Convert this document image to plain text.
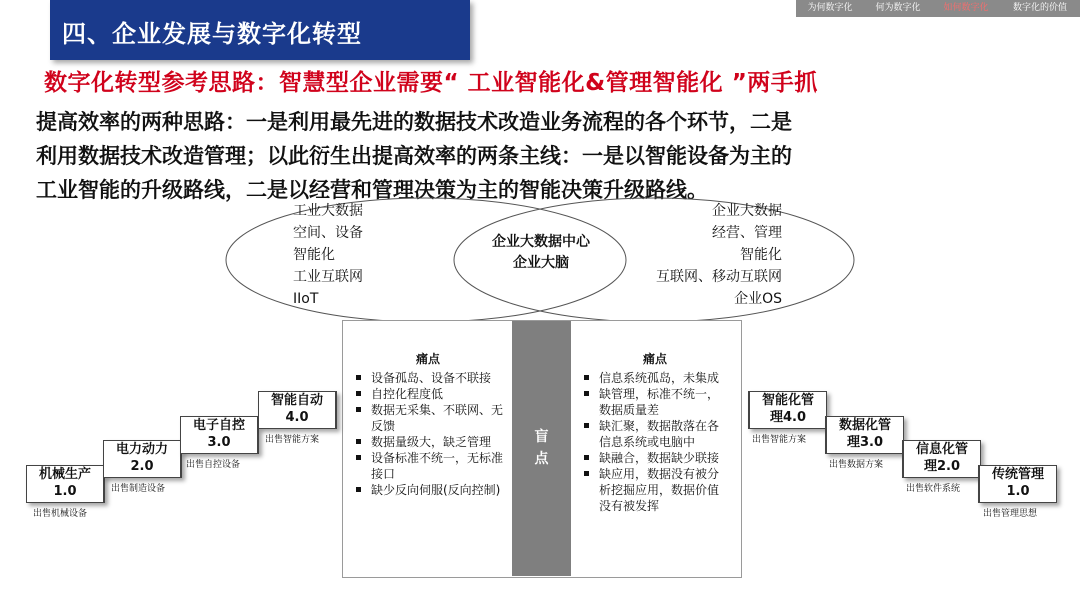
四、企业发展与数字化转型
为何数字化	何为数字化	如何数字化	数字化的价值
数字化转型参考思路：智慧型企业需要“ 工业智能化&管理智能化 ”两手抓
提高效率的两种思路：一是利用最先进的数据技术改造业务流程的各个环节，二是
利用数据技术改造管理；以此衍生出提高效率的两条主线：一是以智能设备为主的
工业智能的升级路线，二是以经营和管理决策为主的智能决策升级路线。
工业大数据
空间、设备
智能化
工业互联网
IIoT
企业大数据中心
企业大脑
企业大数据
经营、管理
智能化
互联网、移动互联网
企业OS
盲
点
痛点
设备孤岛、设备不联接
自控化程度低
数据无采集、不联网、无反馈
数据量级大，缺乏管理
设备标准不统一，无标准接口
缺少反向伺服(反向控制)
痛点
信息系统孤岛，未集成
缺管理，标准不统一，数据质量差
缺汇聚，数据散落在各信息系统或电脑中
缺融合，数据缺少联接
缺应用，数据没有被分析挖掘应用，数据价值没有被发挥
机械生产
1.0
出售机械设备
电力动力
2.0
出售制造设备
电子自控
3.0
出售自控设备
智能自动
4.0
出售智能方案
智能化管
理4.0
出售智能方案
数据化管
理3.0
出售数据方案
信息化管
理2.0
出售软件系统
传统管理
1.0
出售管理思想
